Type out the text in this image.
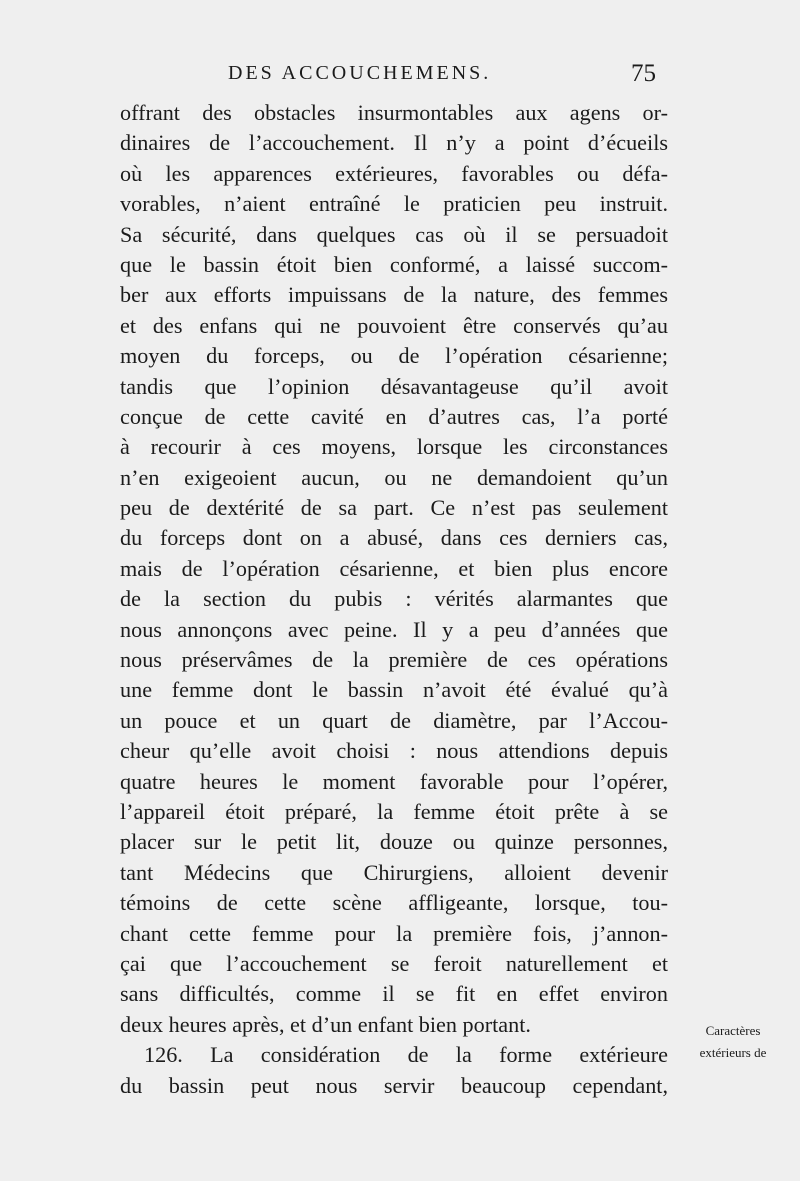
DES ACCOUCHEMENS.	75
offrant des obstacles insurmontables aux agens or-
dinaires de l’accouchement. Il n’y a point d’écueils
où les apparences extérieures, favorables ou défa-
vorables, n’aient entraîné le praticien peu instruit.
Sa sécurité, dans quelques cas où il se persuadoit
que le bassin étoit bien conformé, a laissé succom-
ber aux efforts impuissans de la nature, des femmes
et des enfans qui ne pouvoient être conservés qu’au
moyen du forceps, ou de l’opération césarienne;
tandis que l’opinion désavantageuse qu’il avoit
conçue de cette cavité en d’autres cas, l’a porté
à recourir à ces moyens, lorsque les circonstances
n’en exigeoient aucun, ou ne demandoient qu’un
peu de dextérité de sa part. Ce n’est pas seulement
du forceps dont on a abusé, dans ces derniers cas,
mais de l’opération césarienne, et bien plus encore
de la section du pubis : vérités alarmantes que
nous annonçons avec peine. Il y a peu d’années que
nous préservâmes de la première de ces opérations
une femme dont le bassin n’avoit été évalué qu’à
un pouce et un quart de diamètre, par l’Accou-
cheur qu’elle avoit choisi : nous attendions depuis
quatre heures le moment favorable pour l’opérer,
l’appareil étoit préparé, la femme étoit prête à se
placer sur le petit lit, douze ou quinze personnes,
tant Médecins que Chirurgiens, alloient devenir
témoins de cette scène affligeante, lorsque, tou-
chant cette femme pour la première fois, j’annon-
çai que l’accouchement se feroit naturellement et
sans difficultés, comme il se fit en effet environ
deux heures après, et d’un enfant bien portant.
126. La considération de la forme extérieure
du bassin peut nous servir beaucoup cependant,
Caractères
extérieurs de
